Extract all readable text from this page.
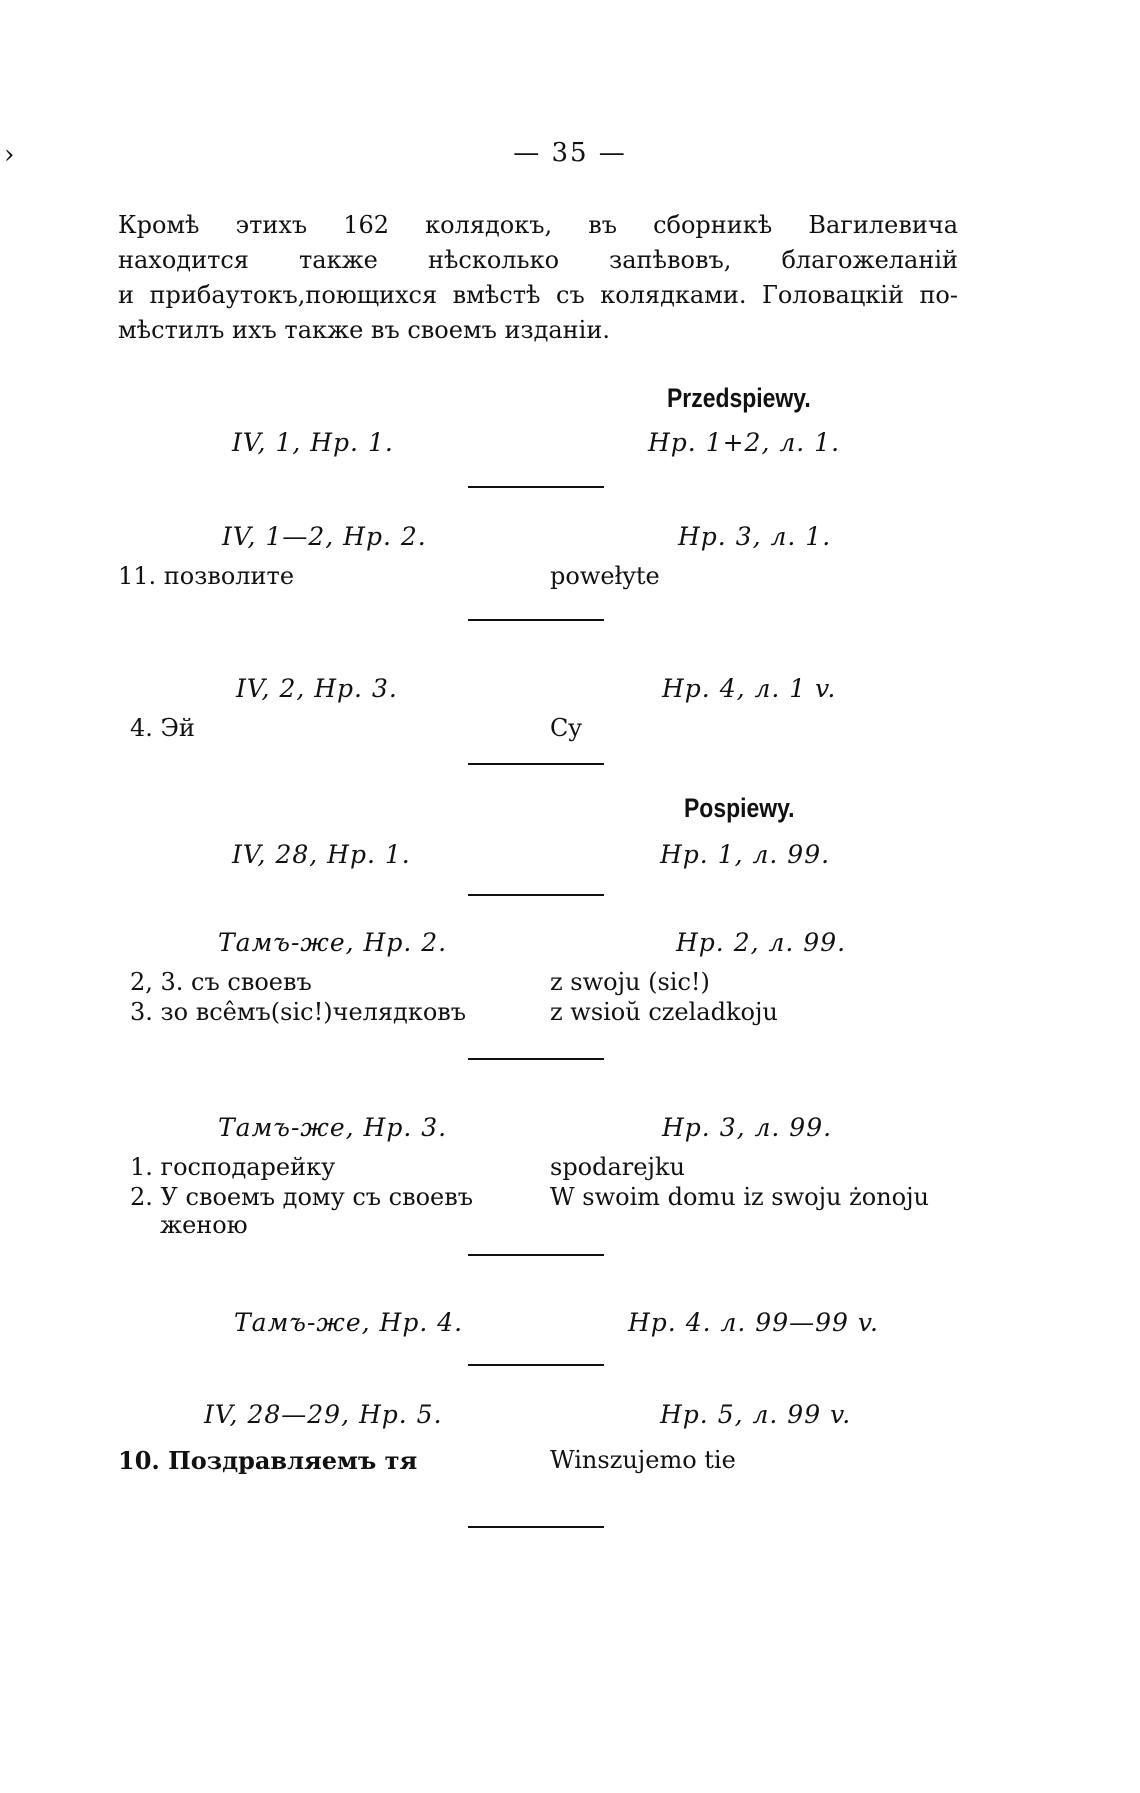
— 35 —
›
Кромѣ этихъ 162 колядокъ, въ сборникѣ Вагилевича
находится также нѣсколько запѣвовъ, благожеланій
и прибаутокъ,поющихся вмѣстѣ съ колядками. Головацкій по-
мѣстилъ ихъ также въ своемъ изданіи.
Przedspiewy.
IV, 1, Нр. 1.	Нр. 1+2, л. 1.
IV, 1—2, Нр. 2.	Нр. 3, л. 1.
11. позволите	powełyte
IV, 2, Нр. 3.	Нр. 4, л. 1 v.
4. Эй	Cy
Pospiewy.
IV, 28, Нр. 1.	Нр. 1, л. 99.
Тамъ-же, Нр. 2.	Нр. 2, л. 99.
2, 3. съ своевъ	z swoju (sic!)
3. зо всêмъ(sic!)челядковъ	z wsioŭ czeladkoju
Тамъ-же, Нр. 3.	Нр. 3, л. 99.
1. господарейку	spodarejku
2. У своемъ дому съ своевъ	W swoim domu iz swoju żonoju
женою
Тамъ-же, Нр. 4.	Нр. 4. л. 99—99 v.
IV, 28—29, Нр. 5.	Нр. 5, л. 99 v.
10. Поздравляемъ тя	Winszujemo tie
